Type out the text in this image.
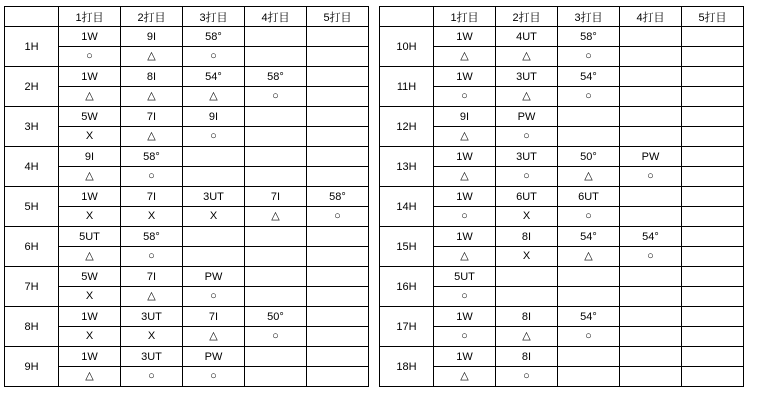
	1打目	2打目	3打目	4打目	5打目
1H	1W	9I	58°		
	○	△	○		
2H	1W	8I	54°	58°	
	△	△	△	○	
3H	5W	7I	9I		
	X	△	○		
4H	9I	58°			
	△	○			
5H	1W	7I	3UT	7I	58°
	X	X	X	△	○
6H	5UT	58°			
	△	○			
7H	5W	7I	PW		
	X	△	○		
8H	1W	3UT	7I	50°	
	X	X	△	○	
9H	1W	3UT	PW		
	△	○	○		
	1打目	2打目	3打目	4打目	5打目
10H	1W	4UT	58°		
	△	△	○		
11H	1W	3UT	54°		
	○	△	○		
12H	9I	PW			
	△	○			
13H	1W	3UT	50°	PW	
	△	○	△	○	
14H	1W	6UT	6UT		
	○	X	○		
15H	1W	8I	54°	54°	
	△	X	△	○	
16H	5UT				
	○				
17H	1W	8I	54°		
	○	△	○		
18H	1W	8I			
	△	○			
